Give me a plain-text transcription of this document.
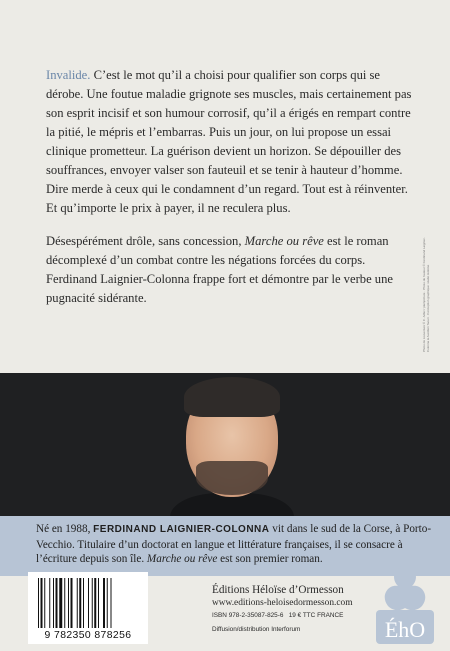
Invalide. C’est le mot qu’il a choisi pour qualifier son corps qui se dérobe. Une foutue maladie grignote ses muscles, mais certainement pas son esprit incisif et son humour corrosif, qu’il a érigés en rempart contre la pitié, le mépris et l’embarras. Puis un jour, on lui propose un essai clinique prometteur. La guérison devient un horizon. Se dépouiller des souffrances, envoyer valser son fauteuil et se tenir à hauteur d’homme. Dire merde à ceux qui le condamnent d’un regard. Tout est à réinventer. Et qu’importe le prix à payer, il ne reculera plus.

Désespérément drôle, sans concession, Marche ou rêve est le roman décomplexé d’un combat contre les négations forcées du corps. Ferdinand Laignier-Colonna frappe fort et démontre par le verbe une pugnacité sidérante.	Photo de couverture © C. Adler / plainpicture · Photo de l’auteur © Ferdinand Laignier-Colonna & Aurélien Taouri · Conception graphique: studio Héloïse
Né en 1988, FERDINAND LAIGNIER-COLONNA vit dans le sud de la Corse, à Porto-Vecchio. Titulaire d’un doctorat en langue et littérature françaises, il se consacre à l’écriture depuis son île. Marche ou rêve est son premier roman.
9 782350 878256
Éditions Héloïse d’Ormesson
www.editions-heloisedormesson.com
ISBN 978-2-35087-825-6 19 € TTC FRANCE
Diffusion/distribution Interforum	ÉhO
